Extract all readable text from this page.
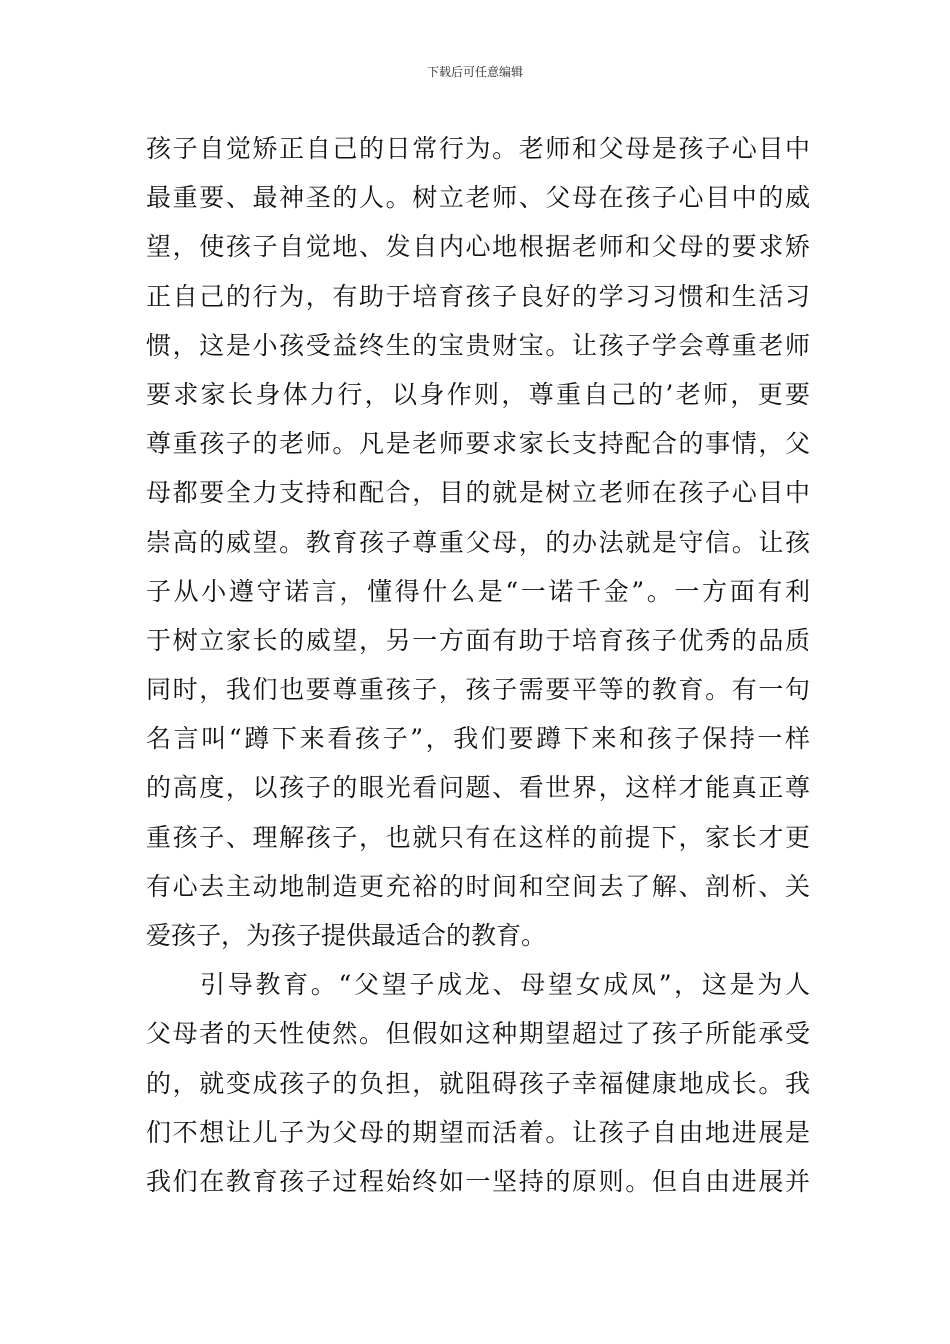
下载后可任意编辑
孩子自觉矫正自己的日常行为。老师和父母是孩子心目中
最重要、最神圣的人。树立老师、父母在孩子心目中的威
望，使孩子自觉地、发自内心地根据老师和父母的要求矫
正自己的行为，有助于培育孩子良好的学习习惯和生活习
惯，这是小孩受益终生的宝贵财宝。让孩子学会尊重老师
要求家长身体力行，以身作则，尊重自己的’老师，更要
尊重孩子的老师。凡是老师要求家长支持配合的事情，父
母都要全力支持和配合，目的就是树立老师在孩子心目中
崇高的威望。教育孩子尊重父母，的办法就是守信。让孩
子从小遵守诺言，懂得什么是“一诺千金”。一方面有利
于树立家长的威望，另一方面有助于培育孩子优秀的品质
同时，我们也要尊重孩子，孩子需要平等的教育。有一句
名言叫“蹲下来看孩子”，我们要蹲下来和孩子保持一样
的高度，以孩子的眼光看问题、看世界，这样才能真正尊
重孩子、理解孩子，也就只有在这样的前提下，家长才更
有心去主动地制造更充裕的时间和空间去了解、剖析、关
爱孩子，为孩子提供最适合的教育。
引导教育。“父望子成龙、母望女成凤”，这是为人
父母者的天性使然。但假如这种期望超过了孩子所能承受
的，就变成孩子的负担，就阻碍孩子幸福健康地成长。我
们不想让儿子为父母的期望而活着。让孩子自由地进展是
我们在教育孩子过程始终如一坚持的原则。但自由进展并
